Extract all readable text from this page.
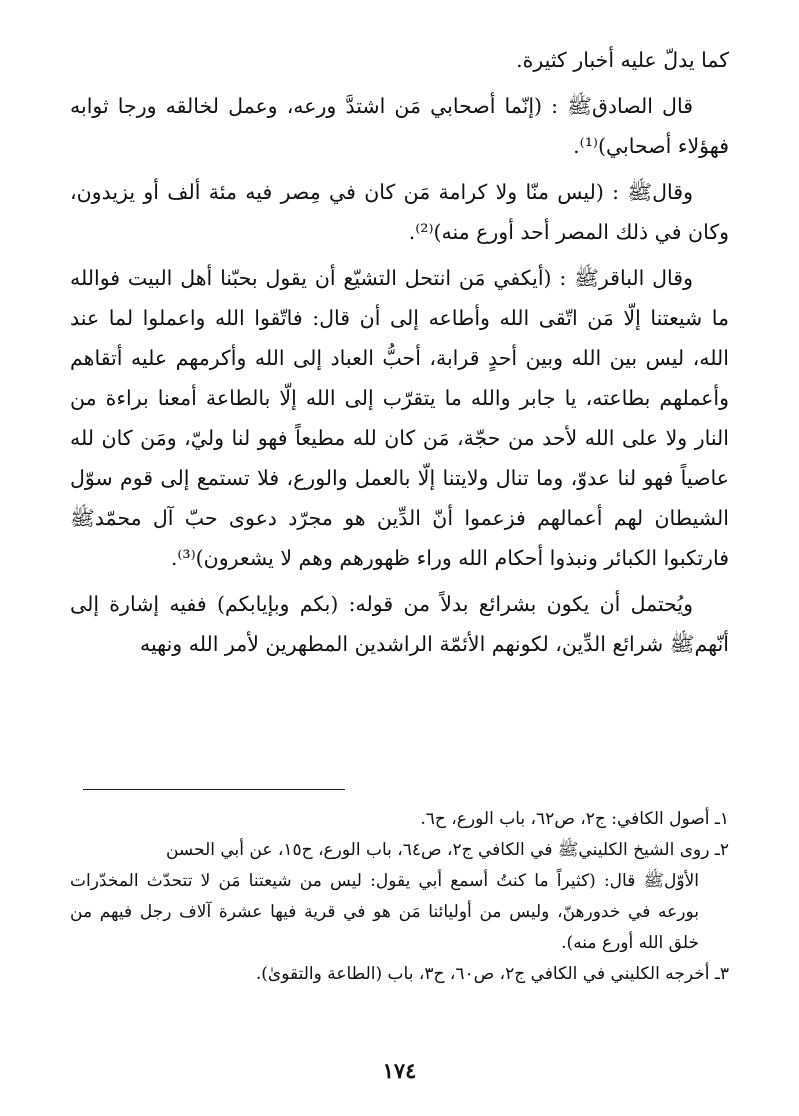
كما يدلّ عليه أخبار كثيرة.

قال الصادقﷺ : (إنّما أصحابي مَن اشتدَّ ورعه، وعمل لخالقه ورجا ثوابه فهؤلاء أصحابي)⁽¹⁾.

وقالﷺ : (ليس منّا ولا كرامة مَن كان في مِصر فيه مئة ألف أو يزيدون، وكان في ذلك المصر أحد أورع منه)⁽²⁾.

وقال الباقرﷺ : (أيكفي مَن انتحل التشيّع أن يقول بحبّنا أهل البيت فوالله ما شيعتنا إلّا مَن اتّقى الله وأطاعه إلى أن قال: فاتّقوا الله واعملوا لما عند الله، ليس بين الله وبين أحدٍ قرابة، أحبُّ العباد إلى الله وأكرمهم عليه أتقاهم وأعملهم بطاعته، يا جابر والله ما يتقرّب إلى الله إلّا بالطاعة أمعنا براءة من النار ولا على الله لأحد من حجّة، مَن كان لله مطيعاً فهو لنا وليّ، ومَن كان لله عاصياً فهو لنا عدوّ، وما تنال ولايتنا إلّا بالعمل والورع، فلا تستمع إلى قوم سوّل الشيطان لهم أعمالهم فزعموا أنّ الدِّين هو مجرّد دعوى حبّ آل محمّدﷺ فارتكبوا الكبائر ونبذوا أحكام الله وراء ظهورهم وهم لا يشعرون)⁽³⁾.

ويُحتمل أن يكون بشرائع بدلاً من قوله: (بكم وبإيابكم) ففيه إشارة إلى أنّهمﷺ شرائع الدِّين، لكونهم الأئمّة الراشدين المطهرين لأمر الله ونهيه

١ـ أصول الكافي: ج٢، ص٦٢، باب الورع، ح٦.

٢ـ روى الشيخ الكلينيﷺ في الكافي ج٢، ص٦٤، باب الورع، ح١٥، عن أبي الحسن

الأوّلﷺ قال: (كثيراً ما كنتُ أسمع أبي يقول: ليس من شيعتنا مَن لا تتحدّث المخدّرات بورعه في خدورهنّ، وليس من أوليائنا مَن هو في قرية فيها عشرة آلاف رجل فيهم من خلق الله أورع منه).

٣ـ أخرجه الكليني في الكافي ج٢، ص٦٠، ح٣، باب (الطاعة والتقوىٰ).

١٧٤
